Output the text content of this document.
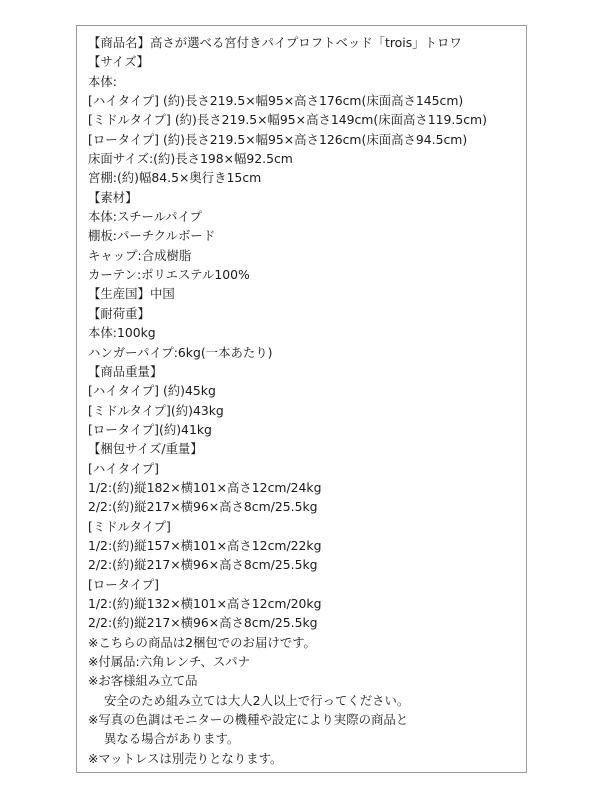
【商品名】高さが選べる宮付きパイプロフトベッド「trois」トロワ
【サイズ】
本体:
[ハイタイプ] (約)長さ219.5×幅95×高さ176cm(床面高さ145cm)
[ミドルタイプ] (約)長さ219.5×幅95×高さ149cm(床面高さ119.5cm)
[ロータイプ] (約)長さ219.5×幅95×高さ126cm(床面高さ94.5cm)
床面サイズ:(約)長さ198×幅92.5cm
宮棚:(約)幅84.5×奥行き15cm
【素材】
本体:スチールパイプ
棚板:パーチクルボード
キャップ:合成樹脂
カーテン:ポリエステル100%
【生産国】中国
【耐荷重】
本体:100kg
ハンガーパイプ:6kg(一本あたり)
【商品重量】
[ハイタイプ] (約)45kg
[ミドルタイプ](約)43kg
[ロータイプ](約)41kg
【梱包サイズ/重量】
[ハイタイプ]
1/2:(約)縦182×横101×高さ12cm/24kg
2/2:(約)縦217×横96×高さ8cm/25.5kg
[ミドルタイプ]
1/2:(約)縦157×横101×高さ12cm/22kg
2/2:(約)縦217×横96×高さ8cm/25.5kg
[ロータイプ]
1/2:(約)縦132×横101×高さ12cm/20kg
2/2:(約)縦217×横96×高さ8cm/25.5kg
※こちらの商品は2梱包でのお届けです。
※付属品:六角レンチ、スパナ
※お客様組み立て品
安全のため組み立ては大人2人以上で行ってください。
※写真の色調はモニターの機種や設定により実際の商品と
異なる場合があります。
※マットレスは別売りとなります。
